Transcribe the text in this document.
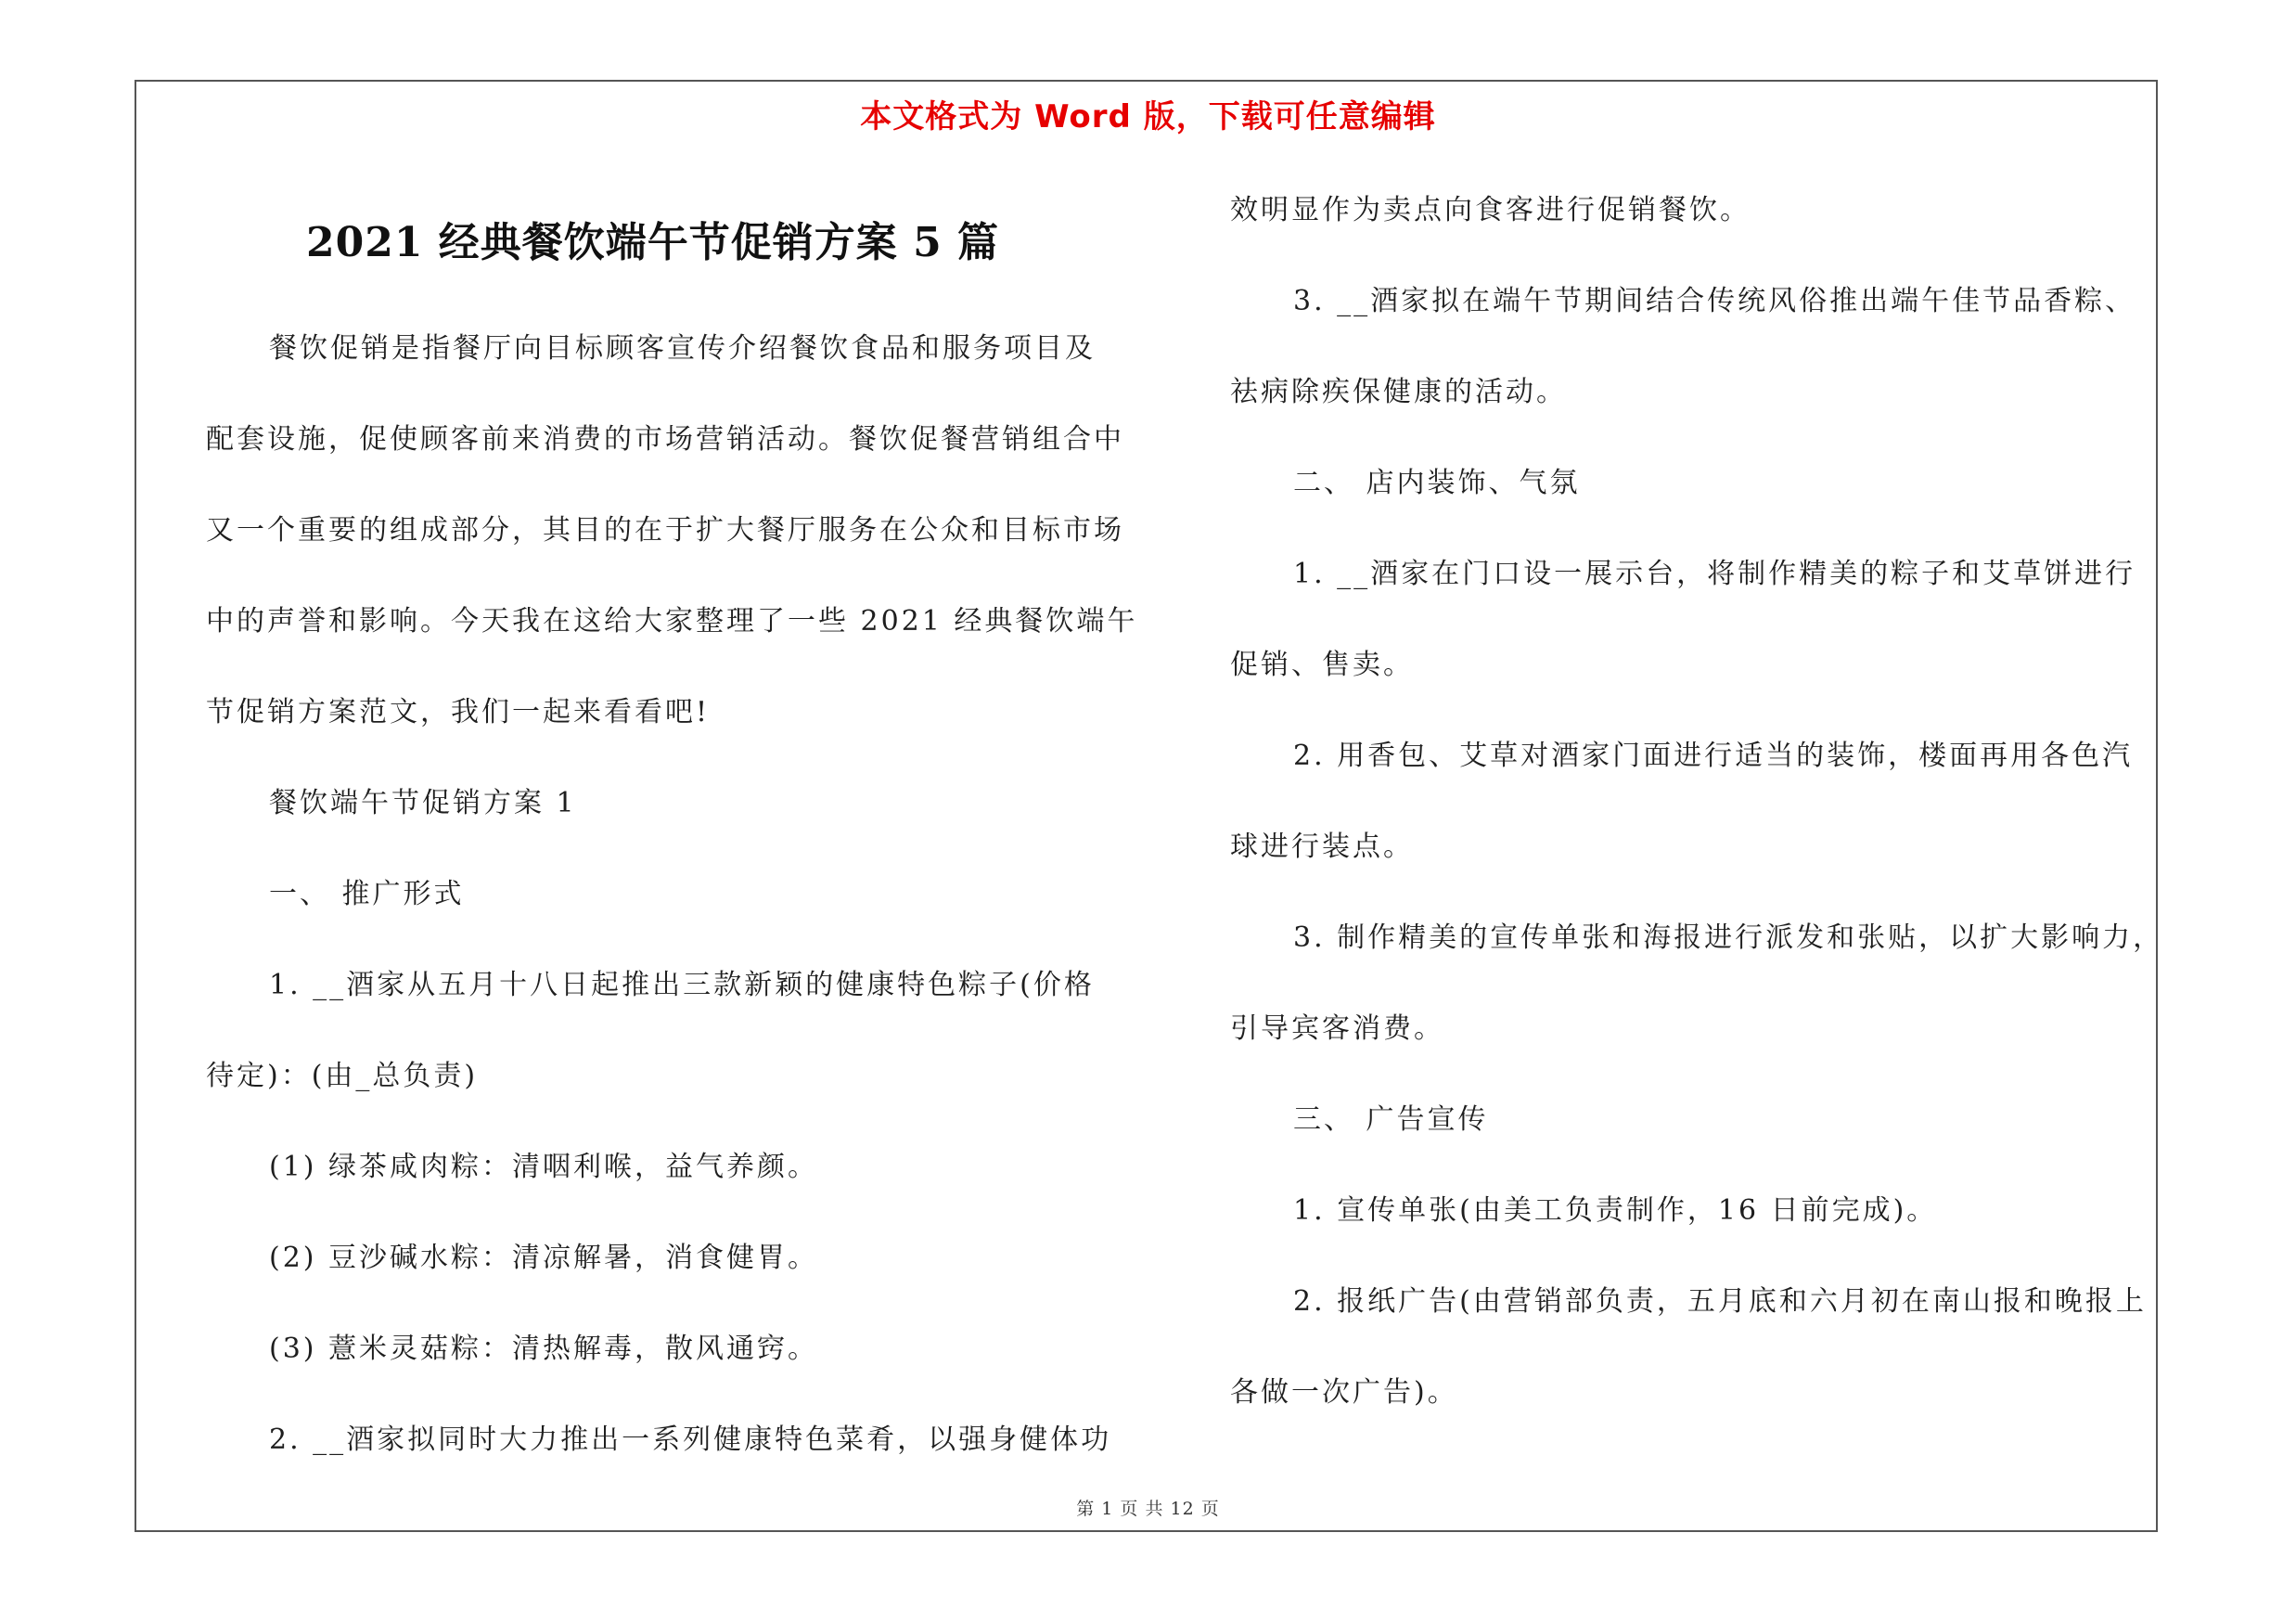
本文格式为 Word 版，下载可任意编辑
2021 经典餐饮端午节促销方案 5 篇
餐饮促销是指餐厅向目标顾客宣传介绍餐饮食品和服务项目及
配套设施，促使顾客前来消费的市场营销活动。餐饮促餐营销组合中
又一个重要的组成部分，其目的在于扩大餐厅服务在公众和目标市场
中的声誉和影响。今天我在这给大家整理了一些 2021 经典餐饮端午
节促销方案范文，我们一起来看看吧!
餐饮端午节促销方案 1
一、 推广形式
1. __酒家从五月十八日起推出三款新颖的健康特色粽子(价格
待定)：(由_总负责)
(1) 绿茶咸肉粽：清咽利喉，益气养颜。
(2) 豆沙碱水粽：清凉解暑，消食健胃。
(3) 薏米灵菇粽：清热解毒，散风通窍。
2. __酒家拟同时大力推出一系列健康特色菜肴，以强身健体功
效明显作为卖点向食客进行促销餐饮。
3. __酒家拟在端午节期间结合传统风俗推出端午佳节品香粽、
祛病除疾保健康的活动。
二、 店内装饰、气氛
1. __酒家在门口设一展示台，将制作精美的粽子和艾草饼进行
促销、售卖。
2. 用香包、艾草对酒家门面进行适当的装饰，楼面再用各色汽
球进行装点。
3. 制作精美的宣传单张和海报进行派发和张贴，以扩大影响力，
引导宾客消费。
三、 广告宣传
1. 宣传单张(由美工负责制作，16 日前完成)。
2. 报纸广告(由营销部负责，五月底和六月初在南山报和晚报上
各做一次广告)。
第 1 页 共 12 页
